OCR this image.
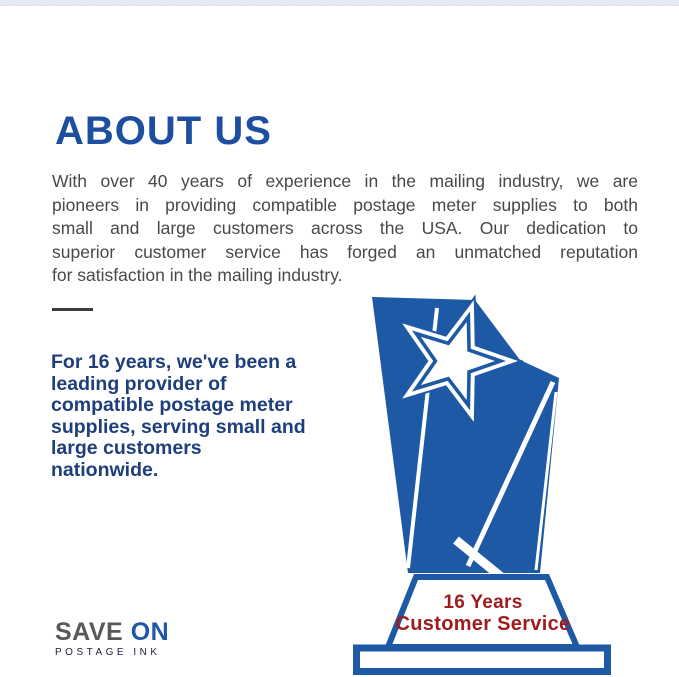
ABOUT US
With over 40 years of experience in the mailing industry, we are
pioneers in providing compatible postage meter supplies to both
small and large customers across the USA. Our dedication to
superior customer service has forged an unmatched reputation
for satisfaction in the mailing industry.
For 16 years, we've been a
leading provider of
compatible postage meter
supplies, serving small and
large customers
nationwide.
16 Years
Customer Service
SAVE ON
POSTAGE INK
